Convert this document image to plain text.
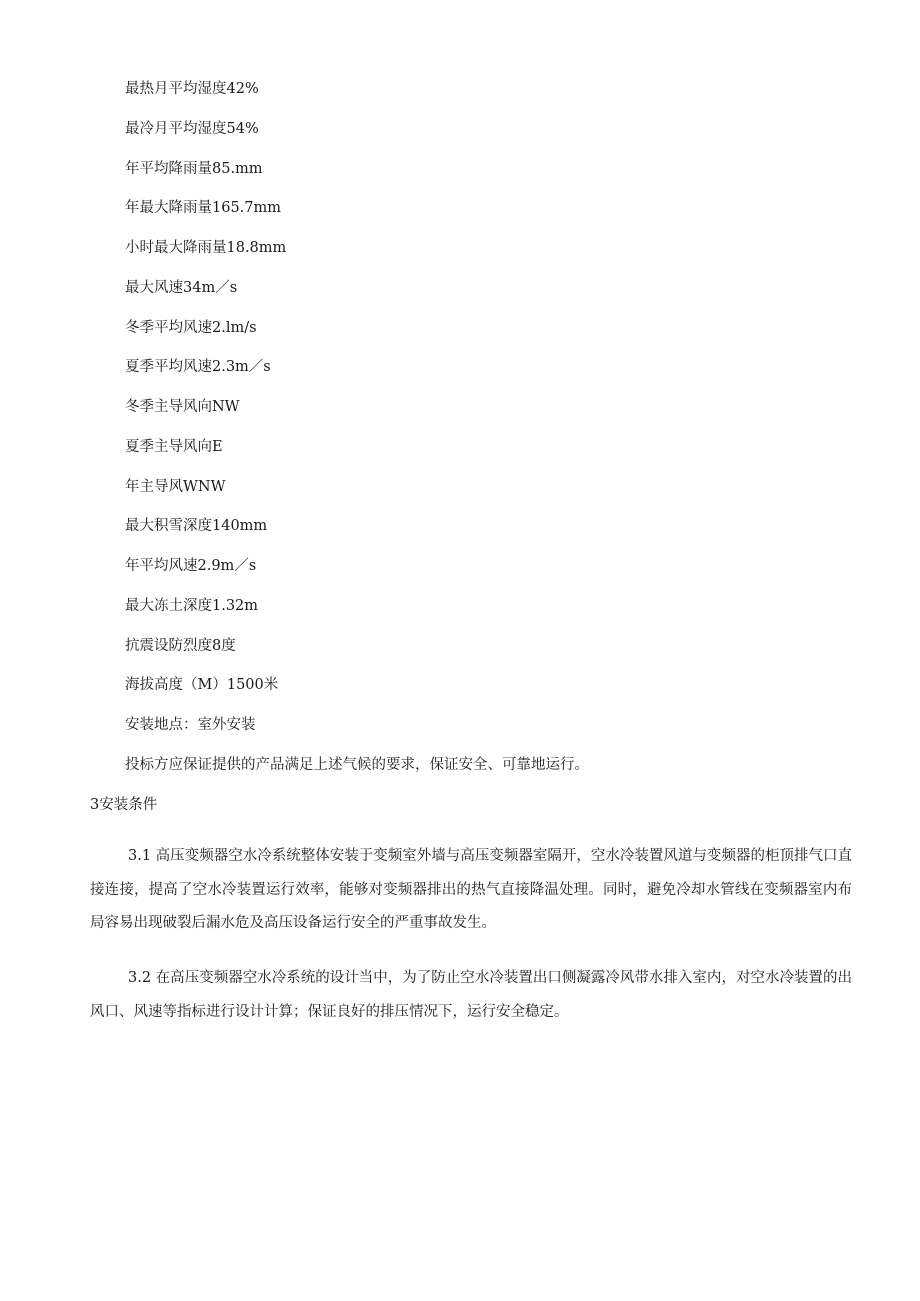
最热月平均湿度42%
最冷月平均湿度54%
年平均降雨量85.mm
年最大降雨量165.7mm
小时最大降雨量18.8mm
最大风速34m／s
冬季平均风速2.lm/s
夏季平均风速2.3m／s
冬季主导风向NW
夏季主导风向E
年主导风WNW
最大积雪深度140mm
年平均风速2.9m／s
最大冻土深度1.32m
抗震设防烈度8度
海拔高度（M）1500米
安装地点：室外安装
投标方应保证提供的产品满足上述气候的要求，保证安全、可靠地运行。
3安装条件

3.1 高压变频器空水冷系统整体安装于变频室外墙与高压变频器室隔开，空水冷装置风道与变频器的柜顶排气口直接连接，提高了空水冷装置运行效率，能够对变频器排出的热气直接降温处理。同时，避免冷却水管线在变频器室内布局容易出现破裂后漏水危及高压设备运行安全的严重事故发生。

3.2 在高压变频器空水冷系统的设计当中，为了防止空水冷装置出口侧凝露冷风带水排入室内，对空水冷装置的出风口、风速等指标进行设计计算；保证良好的排压情况下，运行安全稳定。
